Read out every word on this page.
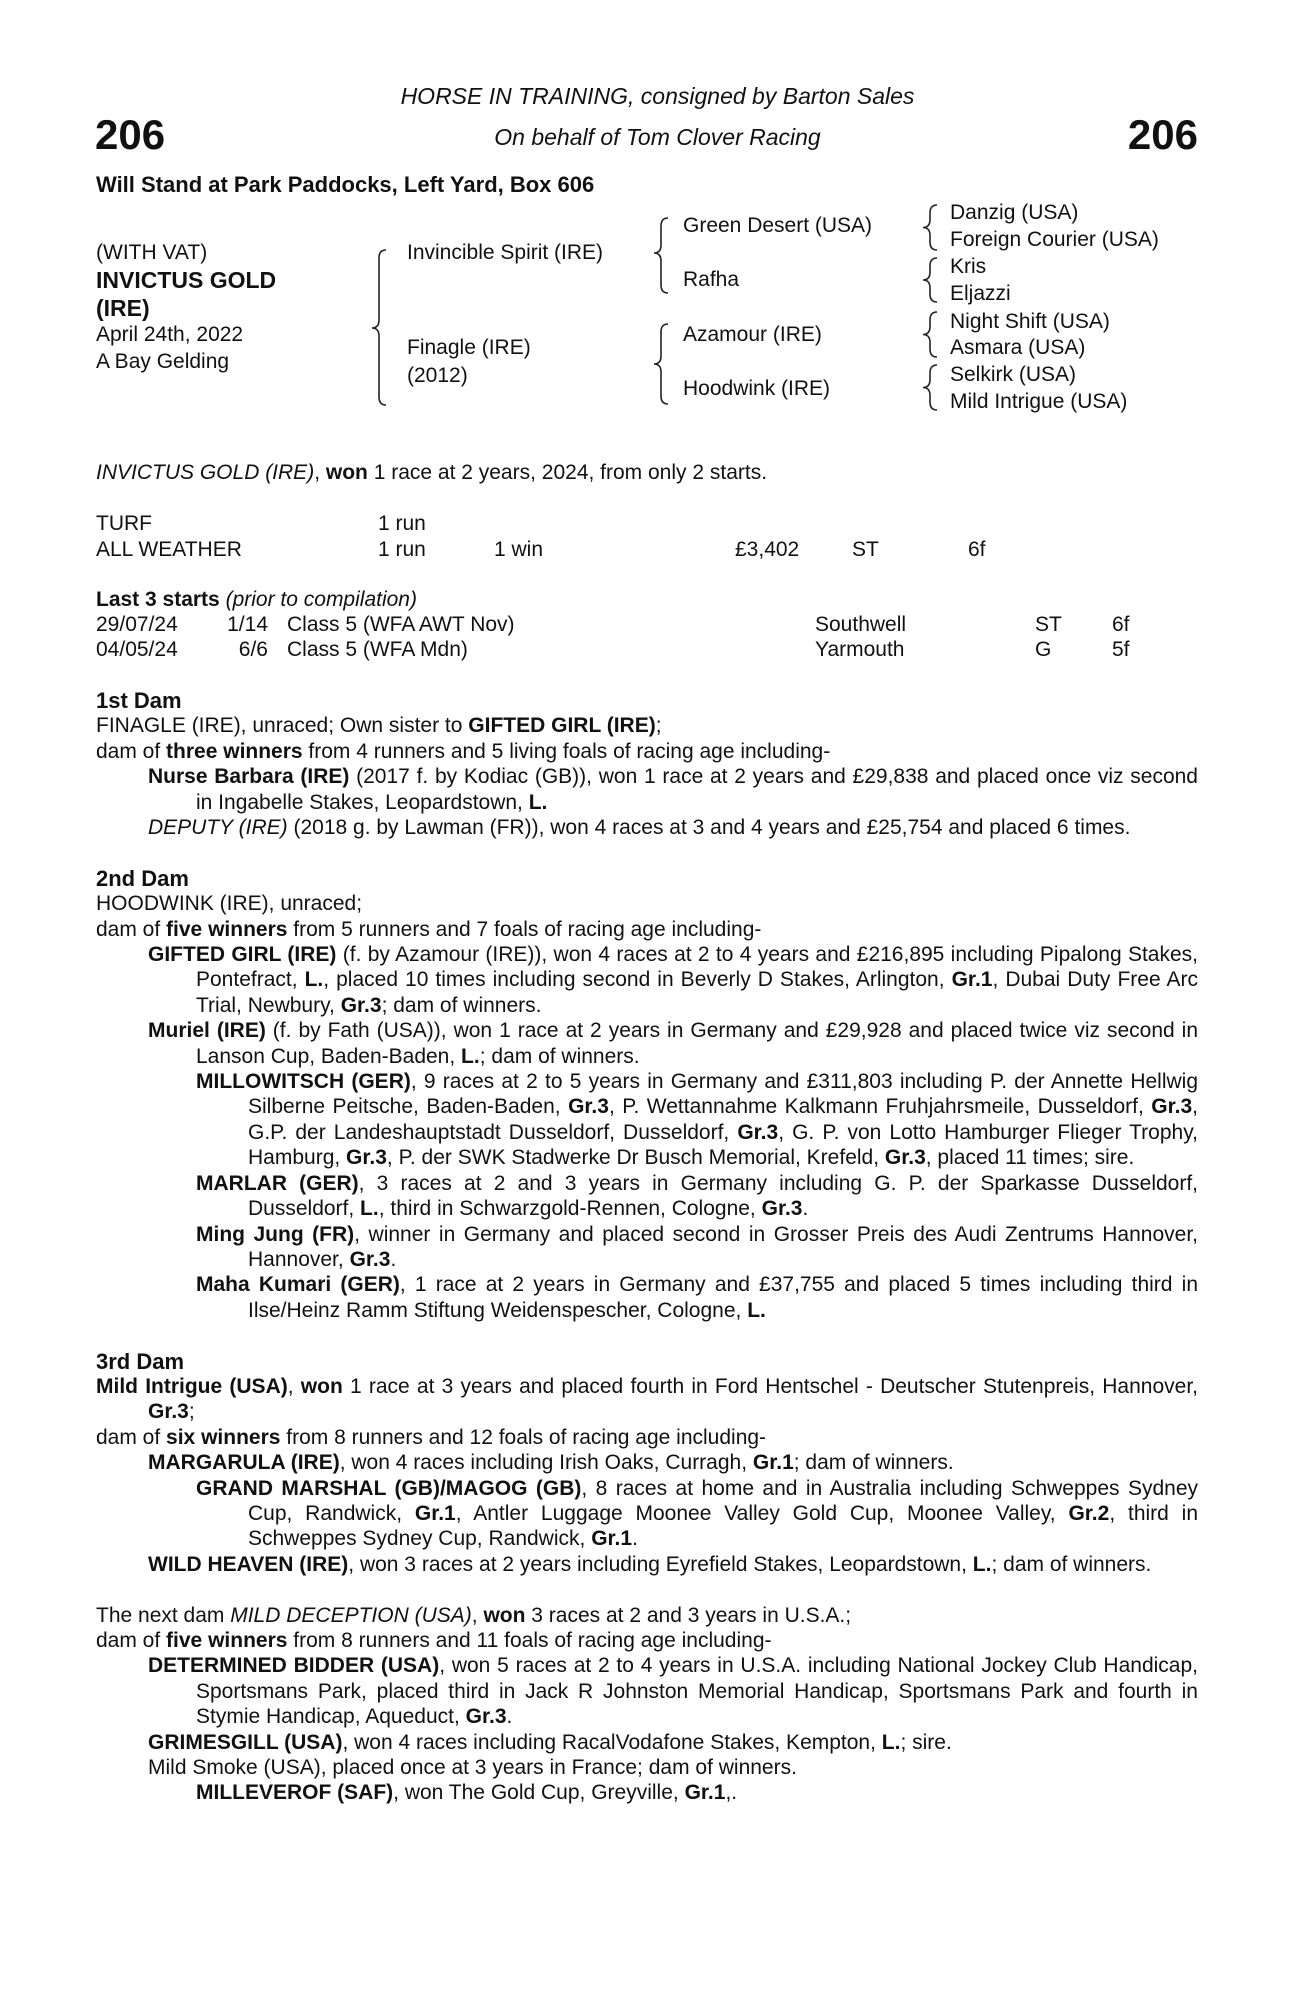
HORSE IN TRAINING, consigned by Barton Sales
On behalf of Tom Clover Racing
206	206
Will Stand at Park Paddocks, Left Yard, Box 606
(WITH VAT)
INVICTUS GOLD
(IRE)
April 24th, 2022
A Bay Gelding
Invincible Spirit (IRE)
Finagle (IRE)
(2012)
Green Desert (USA)
Rafha
Azamour (IRE)
Hoodwink (IRE)
Danzig (USA)
Foreign Courier (USA)
Kris
Eljazzi
Night Shift (USA)
Asmara (USA)
Selkirk (USA)
Mild Intrigue (USA)
INVICTUS GOLD (IRE), won 1 race at 2 years, 2024, from only 2 starts.
TURF	1 run
ALL WEATHER	1 run	1 win	£3,402	ST	6f
Last 3 starts (prior to compilation)
29/07/24 1/14 Class 5 (WFA AWT Nov)	Southwell	ST 6f
04/05/24	6/6 Class 5 (WFA Mdn)	Yarmouth	G	5f
1st Dam
FINAGLE (IRE), unraced; Own sister to GIFTED GIRL (IRE);
dam of three winners from 4 runners and 5 living foals of racing age including-
Nurse Barbara (IRE) (2017 f. by Kodiac (GB)), won 1 race at 2 years and £29,838 and placed once viz second in Ingabelle Stakes, Leopardstown, L.
DEPUTY (IRE) (2018 g. by Lawman (FR)), won 4 races at 3 and 4 years and £25,754 and placed 6 times.
2nd Dam
HOODWINK (IRE), unraced;
dam of five winners from 5 runners and 7 foals of racing age including-
GIFTED GIRL (IRE) (f. by Azamour (IRE)), won 4 races at 2 to 4 years and £216,895 including Pipalong Stakes, Pontefract, L., placed 10 times including second in Beverly D Stakes, Arlington, Gr.1, Dubai Duty Free Arc Trial, Newbury, Gr.3; dam of winners.
Muriel (IRE) (f. by Fath (USA)), won 1 race at 2 years in Germany and £29,928 and placed twice viz second in Lanson Cup, Baden-Baden, L.; dam of winners.
MILLOWITSCH (GER), 9 races at 2 to 5 years in Germany and £311,803 including P. der Annette Hellwig Silberne Peitsche, Baden-Baden, Gr.3, P. Wettannahme Kalkmann Fruhjahrsmeile, Dusseldorf, Gr.3, G.P. der Landeshauptstadt Dusseldorf, Dusseldorf, Gr.3, G. P. von Lotto Hamburger Flieger Trophy, Hamburg, Gr.3, P. der SWK Stadwerke Dr Busch Memorial, Krefeld, Gr.3, placed 11 times; sire.
MARLAR (GER), 3 races at 2 and 3 years in Germany including G. P. der Sparkasse Dusseldorf, Dusseldorf, L., third in Schwarzgold-Rennen, Cologne, Gr.3.
Ming Jung (FR), winner in Germany and placed second in Grosser Preis des Audi Zentrums Hannover, Hannover, Gr.3.
Maha Kumari (GER), 1 race at 2 years in Germany and £37,755 and placed 5 times including third in Ilse/Heinz Ramm Stiftung Weidenspescher, Cologne, L.
3rd Dam
Mild Intrigue (USA), won 1 race at 3 years and placed fourth in Ford Hentschel - Deutscher Stutenpreis, Hannover, Gr.3;
dam of six winners from 8 runners and 12 foals of racing age including-
MARGARULA (IRE), won 4 races including Irish Oaks, Curragh, Gr.1; dam of winners.
GRAND MARSHAL (GB)/MAGOG (GB), 8 races at home and in Australia including Schweppes Sydney Cup, Randwick, Gr.1, Antler Luggage Moonee Valley Gold Cup, Moonee Valley, Gr.2, third in Schweppes Sydney Cup, Randwick, Gr.1.
WILD HEAVEN (IRE), won 3 races at 2 years including Eyrefield Stakes, Leopardstown, L.; dam of winners.
The next dam MILD DECEPTION (USA), won 3 races at 2 and 3 years in U.S.A.;
dam of five winners from 8 runners and 11 foals of racing age including-
DETERMINED BIDDER (USA), won 5 races at 2 to 4 years in U.S.A. including National Jockey Club Handicap, Sportsmans Park, placed third in Jack R Johnston Memorial Handicap, Sportsmans Park and fourth in Stymie Handicap, Aqueduct, Gr.3.
GRIMESGILL (USA), won 4 races including RacalVodafone Stakes, Kempton, L.; sire.
Mild Smoke (USA), placed once at 3 years in France; dam of winners.
MILLEVEROF (SAF), won The Gold Cup, Greyville, Gr.1,.
